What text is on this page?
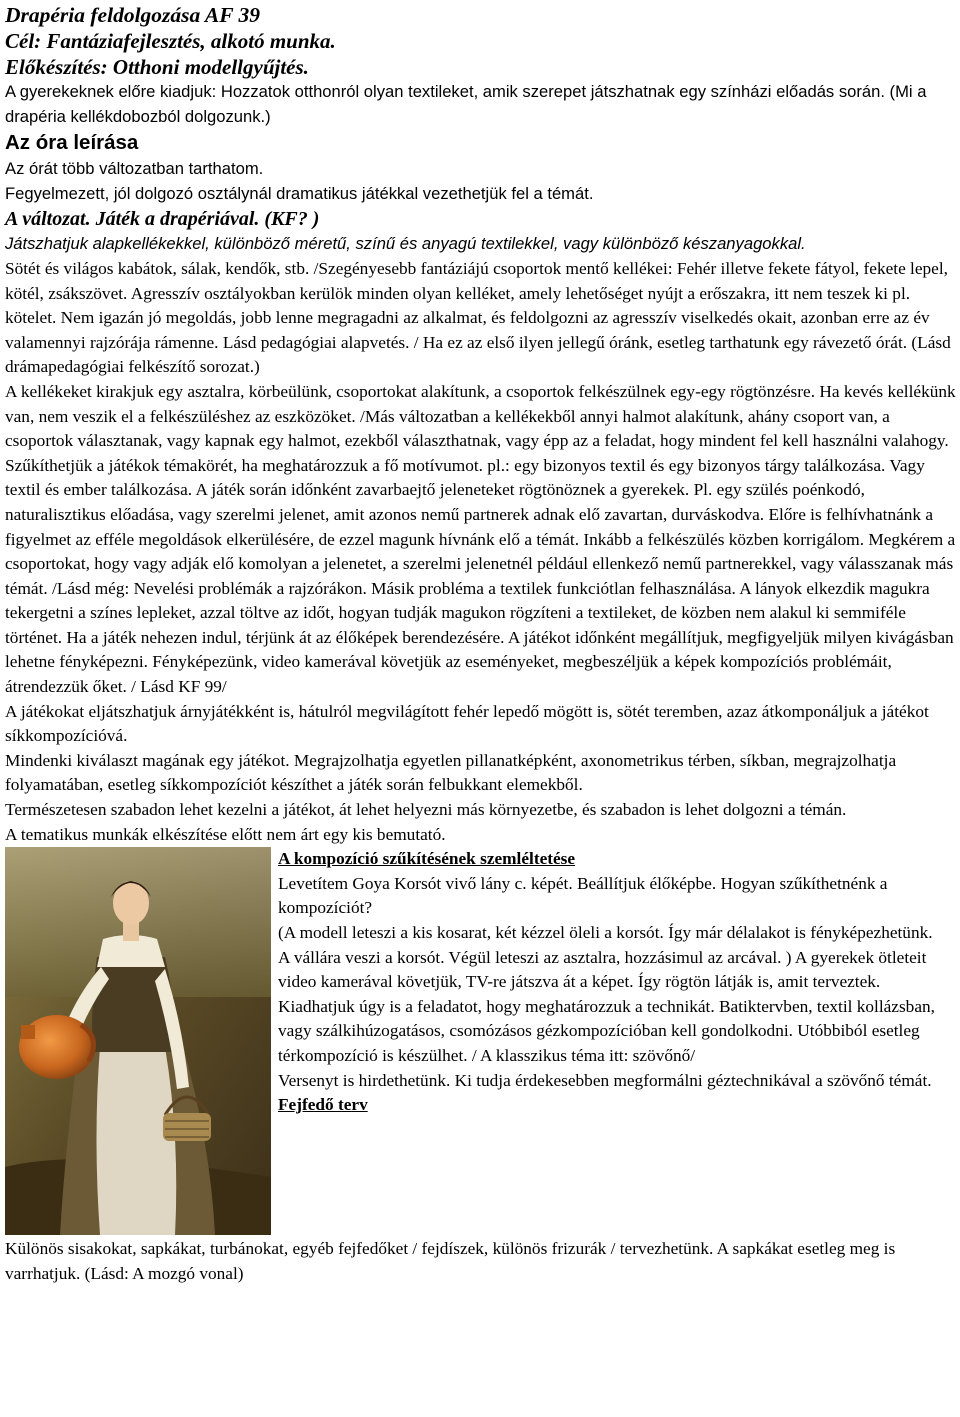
Drapéria feldolgozása AF 39

Cél: Fantáziafejlesztés, alkotó munka.

Előkészítés: Otthoni modellgyűjtés.

A gyerekeknek előre kiadjuk: Hozzatok otthonról olyan textileket, amik szerepet játszhatnak egy színházi előadás során. (Mi a drapéria kellékdobozból dolgozunk.)

Az óra leírása

Az órát több változatban tarthatom.

Fegyelmezett, jól dolgozó osztálynál dramatikus játékkal vezethetjük fel a témát.

A változat. Játék a drapériával. (KF? )

Játszhatjuk alapkellékekkel, különböző méretű, színű és anyagú textilekkel, vagy különböző készanyagokkal.

Sötét és világos kabátok, sálak, kendők, stb. /Szegényesebb fantáziájú csoportok mentő kellékei: Fehér illetve fekete fátyol, fekete lepel, kötél, zsákszövet. Agresszív osztályokban kerülök minden olyan kelléket, amely lehetőséget nyújt a erőszakra, itt nem teszek ki pl. kötelet. Nem igazán jó megoldás, jobb lenne megragadni az alkalmat, és feldolgozni az agresszív viselkedés okait, azonban erre az év valamennyi rajzórája rámenne. Lásd pedagógiai alapvetés. / Ha ez az első ilyen jellegű óránk, esetleg tarthatunk egy rávezető órát. (Lásd drámapedagógiai felkészítő sorozat.)

A kellékeket kirakjuk egy asztalra, körbeülünk, csoportokat alakítunk, a csoportok felkészülnek egy-egy rögtönzésre. Ha kevés kellékünk van, nem veszik el a felkészüléshez az eszközöket. /Más változatban a kellékekből annyi halmot alakítunk, ahány csoport van, a csoportok választanak, vagy kapnak egy halmot, ezekből választhatnak, vagy épp az a feladat, hogy mindent fel kell használni valahogy.

Szűkíthetjük a játékok témakörét, ha meghatározzuk a fő motívumot. pl.: egy bizonyos textil és egy bizonyos tárgy találkozása. Vagy textil és ember találkozása. A játék során időnként zavarbaejtő jeleneteket rögtönöznek a gyerekek. Pl. egy szülés poénkodó, naturalisztikus előadása, vagy szerelmi jelenet, amit azonos nemű partnerek adnak elő zavartan, durváskodva. Előre is felhívhatnánk a figyelmet az efféle megoldások elkerülésére, de ezzel magunk hívnánk elő a témát. Inkább a felkészülés közben korrigálom. Megkérem a csoportokat, hogy vagy adják elő komolyan a jelenetet, a szerelmi jelenetnél például ellenkező nemű partnerekkel, vagy válasszanak más témát. /Lásd még: Nevelési problémák a rajzórákon. Másik probléma a textilek funkciótlan felhasználása. A lányok elkezdik magukra tekergetni a színes lepleket, azzal töltve az időt, hogyan tudják magukon rögzíteni a textileket, de közben nem alakul ki semmiféle történet. Ha a játék nehezen indul, térjünk át az élőképek berendezésére. A játékot időnként megállítjuk, megfigyeljük milyen kivágásban lehetne fényképezni. Fényképezünk, video kamerával követjük az eseményeket, megbeszéljük a képek kompozíciós problémáit, átrendezzük őket. / Lásd KF 99/

A játékokat eljátszhatjuk árnyjátékként is, hátulról megvilágított fehér lepedő mögött is, sötét teremben, azaz átkomponáljuk a játékot síkkompozícióvá.

Mindenki kiválaszt magának egy játékot. Megrajzolhatja egyetlen pillanatképként, axonometrikus térben, síkban, megrajzolhatja folyamatában, esetleg síkkompozíciót készíthet a játék során felbukkant elemekből.

Természetesen szabadon lehet kezelni a játékot, át lehet helyezni más környezetbe, és szabadon is lehet dolgozni a témán.

A tematikus munkák elkészítése előtt nem árt egy kis bemutató.

A kompozíció szűkítésének szemléltetése

Levetítem Goya Korsót vivő lány c. képét. Beállítjuk élőképbe. Hogyan szűkíthetnénk a kompozíciót?

(A modell leteszi a kis kosarat, két kézzel öleli a korsót. Így már délalakot is fényképezhetünk.

A vállára veszi a korsót. Végül leteszi az asztalra, hozzásimul az arcával. ) A gyerekek ötleteit video kamerával követjük, TV-re játszva át a képet. Így rögtön látják is, amit terveztek.

Kiadhatjuk úgy is a feladatot, hogy meghatározzuk a technikát. Batiktervben, textil kollázsban, vagy szálkihúzogatásos, csomózásos gézkompozícióban kell gondolkodni. Utóbbiból esetleg térkompozíció is készülhet. / A klasszikus téma itt: szövőnő/

Versenyt is hirdethetünk. Ki tudja érdekesebben megformálni géztechnikával a szövőnő témát.

Fejfedő terv

Különös sisakokat, sapkákat, turbánokat, egyéb fejfedőket / fejdíszek, különös frizurák / tervezhetünk. A sapkákat esetleg meg is varrhatjuk. (Lásd: A mozgó vonal)
